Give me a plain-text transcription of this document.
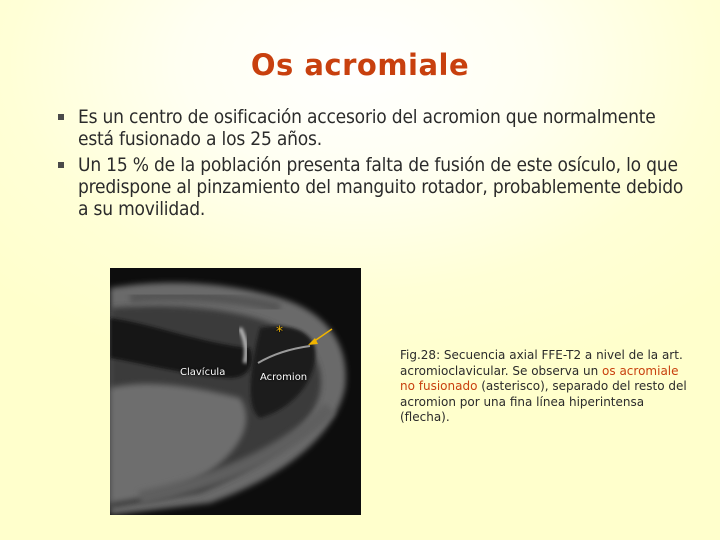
Os acromiale
Es un centro de osificación accesorio del acromion que normalmente está fusionado a los 25 años.
Un 15 % de la población presenta falta de fusión de este osículo, lo que predispone al pinzamiento del manguito rotador, probablemente debido a su movilidad.
*
Clavícula	Acromion
Fig.28: Secuencia axial FFE-T2 a nivel de la art. acromioclavicular. Se observa un os acromiale no fusionado (asterisco), separado del resto del acromion por una fina línea hiperintensa (flecha).
